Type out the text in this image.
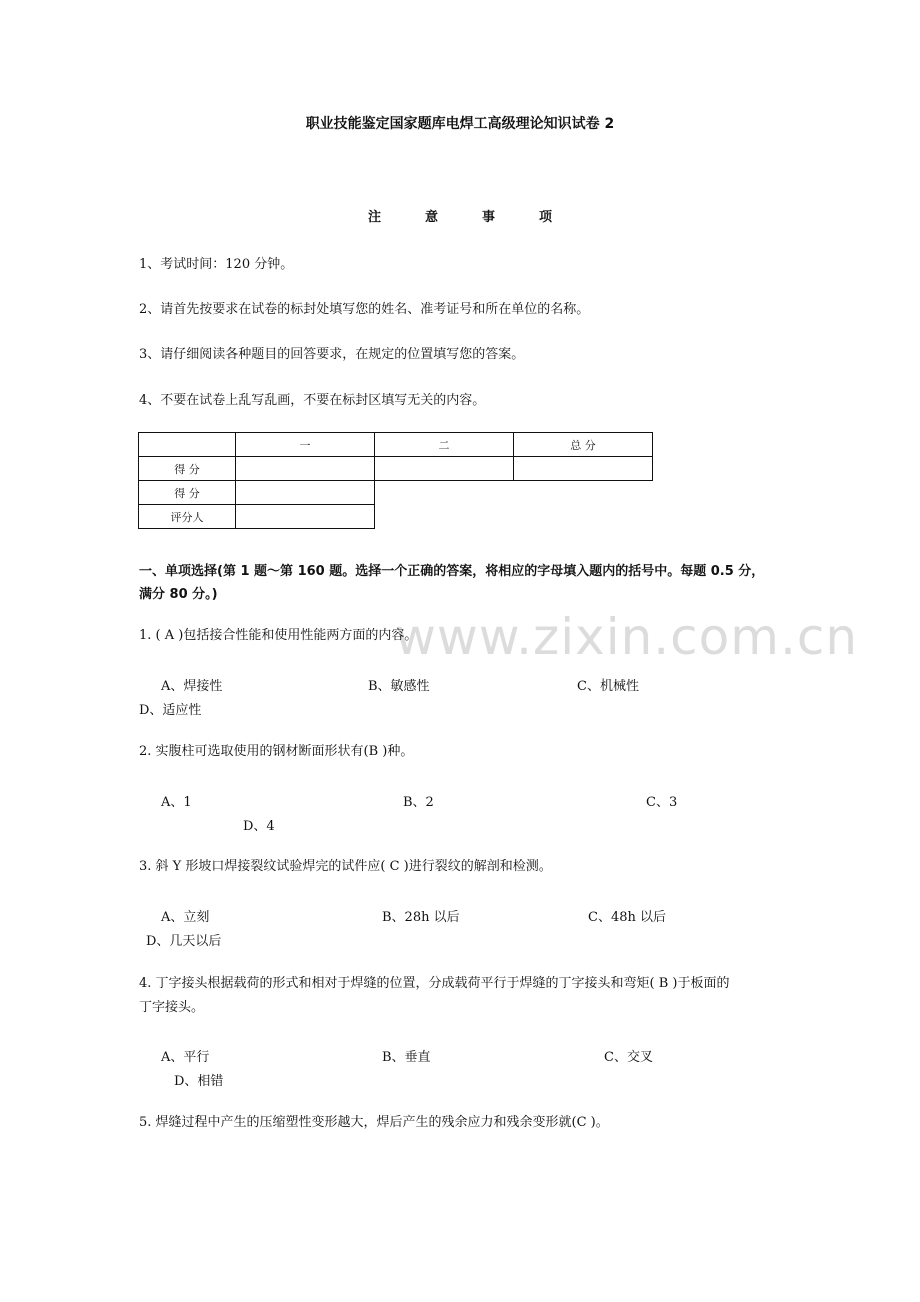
职业技能鉴定国家题库电焊工高级理论知识试卷 2
注	意	事	项
1、考试时间：120 分钟。
2、请首先按要求在试卷的标封处填写您的姓名、准考证号和所在单位的名称。
3、请仔细阅读各种题目的回答要求，在规定的位置填写您的答案。
4、不要在试卷上乱写乱画，不要在标封区填写无关的内容。
	一	二	总 分
得 分			
得 分			
评分人			
一、单项选择(第 1 题～第 160 题。选择一个正确的答案，将相应的字母填入题内的括号中。每题 0.5 分，
满分 80 分。)
www.zixin.com.cn
1. ( A )包括接合性能和使用性能两方面的内容。
A、焊接性	B、敏感性	C、机械性
D、适应性
2. 实腹柱可选取使用的钢材断面形状有(B )种。
A、1	B、2	C、3
D、4
3. 斜 Y 形坡口焊接裂纹试验焊完的试件应( C )进行裂纹的解剖和检测。
A、立刻	B、28h 以后	C、48h 以后
D、几天以后
4. 丁字接头根据载荷的形式和相对于焊缝的位置，分成载荷平行于焊缝的丁字接头和弯矩( B )于板面的
丁字接头。
A、平行	B、垂直	C、交叉
D、相错
5. 焊缝过程中产生的压缩塑性变形越大，焊后产生的残余应力和残余变形就(C )。
